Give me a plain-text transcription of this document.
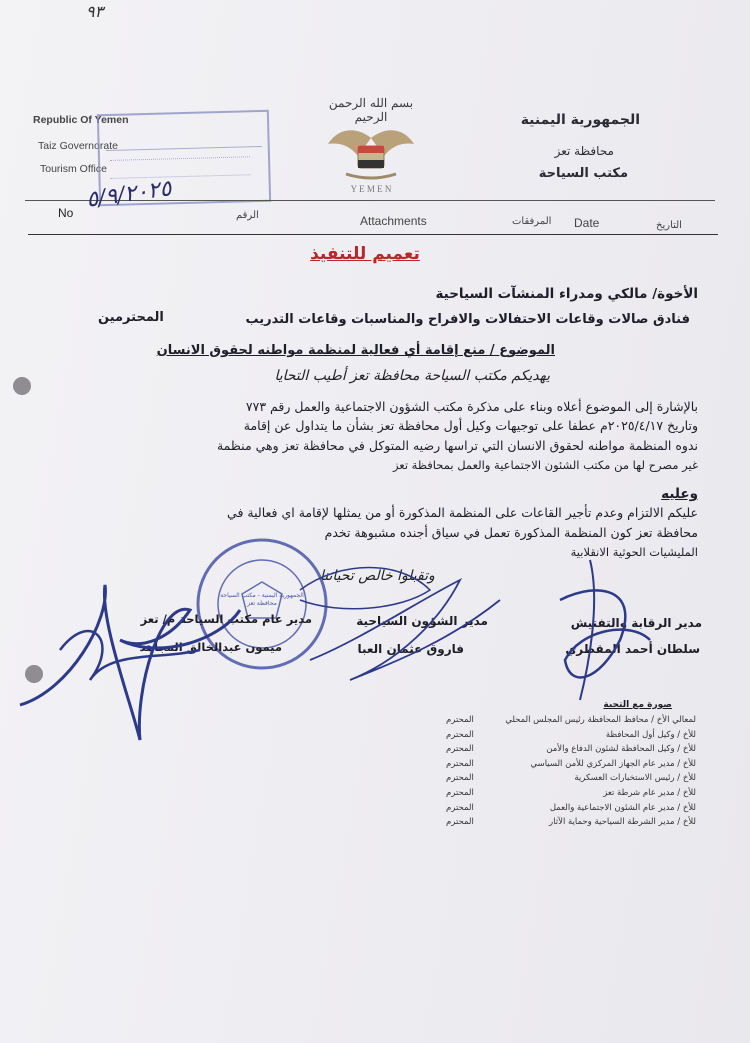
٩٣
Republic Of Yemen
Taiz Governorate
Tourism Office
بسم الله الرحمن الرحيم
Y E M E N
الجمهورية اليمنية
محافظة تعز
مكتب السياحة
No
٥/٩/٢٠٢٥
الرقم	Attachments	المرفقات Date	التاريخ
تعميم للتنفيذ
الأخوة/ مالكي ومدراء المنشآت السياحية
فنادق صالات وقاعات الاحتفالات والافراح والمناسبات وقاعات التدريب
المحترمين
الموضوع / منع إقامة أي فعالية لمنظمة مواطنه لحقوق الانسان
يهديكم مكتب السياحة محافظة تعز أطيب التحايا
بالإشارة إلى الموضوع أعلاه وبناء على مذكرة مكتب الشؤون الاجتماعية والعمل رقم ٧٧٣
وتاريخ ٢٠٢٥/٤/١٧م عطفا على توجيهات وكيل أول محافظة تعز بشأن ما يتداول عن إقامة
ندوه المنظمة مواطنه لحقوق الانسان التي تراسها رضيه المتوكل في محافظة تعز وهي منظمة
غير مصرح لها من مكتب الشئون الاجتماعية والعمل بمحافظة تعز
وعليه
عليكم الالتزام وعدم تأجير القاعات على المنظمة المذكورة أو من يمثلها لإقامة اي فعالية في
محافظة تعز كون المنظمة المذكورة تعمل في سياق أجنده مشبوهة تخدم
المليشيات الحوثية الانقلابية
وتقبلوا خالص تحياتنا
الجمهورية اليمنية - مكتب السياحة محافظة تعز
مدير الرقابة والتفتيش
سلطان أحمد المقطري
مدير الشؤون السياحية
فاروق عثمان العبا
مدير عام مكتب السياحة م/ تعز
ميمون عبدالخالق المجاهد
صورة مع التحية
لمعالي الأخ / محافظ المحافظة رئيس المجلس المحلي
المحترم
للأخ / وكيل أول المحافظة
المحترم
للأخ / وكيل المحافظة لشئون الدفاع والأمن
المحترم
للأخ / مدير عام الجهاز المركزي للأمن السياسي
المحترم
للأخ / رئيس الاستخبارات العسكرية
المحترم
للأخ / مدير عام شرطة تعز
المحترم
للأخ / مدير عام الشئون الاجتماعية والعمل
المحترم
للأخ / مدير الشرطة السياحية وحماية الآثار
المحترم
